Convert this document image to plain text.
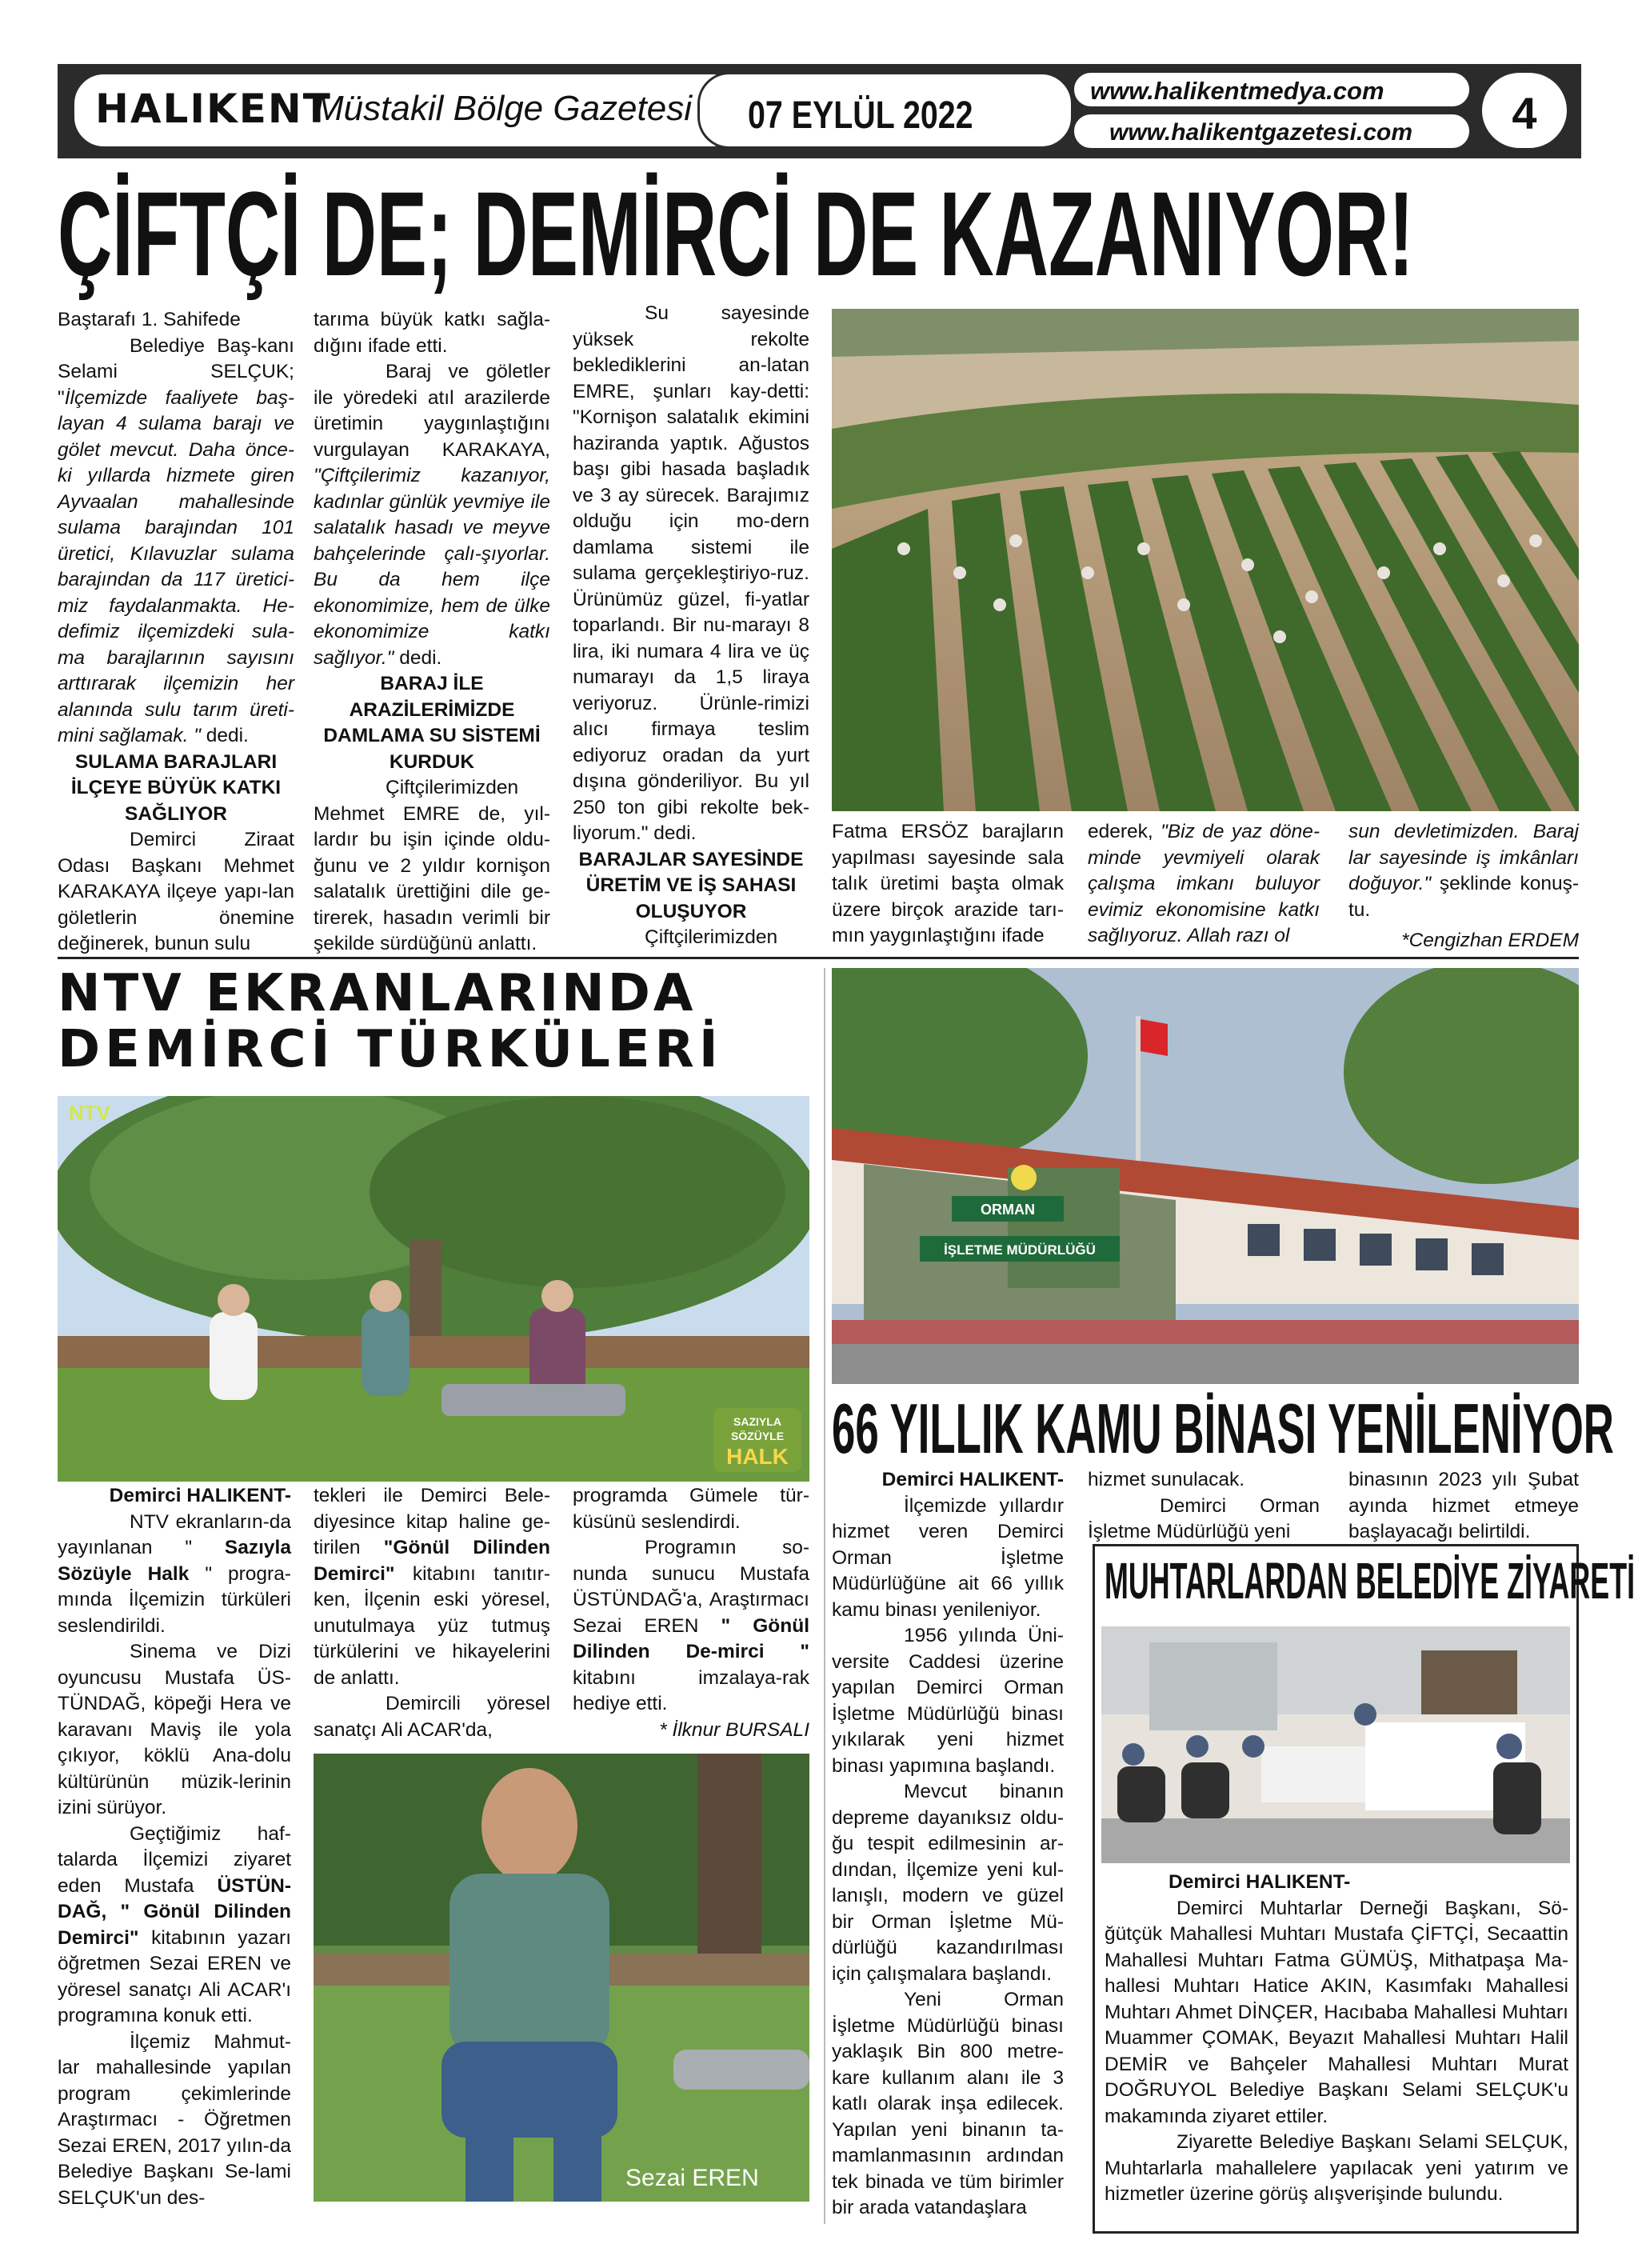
HALIKENT
Müstakil Bölge Gazetesi 07 EYLÜL 2022
www.halikentmedya.com
www.halikentgazetesi.com	4
ÇİFTÇİ DE; DEMİRCİ DE KAZANIYOR!

Baştarafı 1. Sahifede

Belediye Baş-kanı Selami SELÇUK; "İlçemizde faaliyete baş-layan 4 sulama barajı ve gölet mevcut. Daha önce-ki yıllarda hizmete giren Ayvaalan mahallesinde sulama barajından 101 üretici, Kılavuzlar sulama barajından da 117 üretici-miz faydalanmakta. He-defimiz ilçemizdeki sula-ma barajlarının sayısını arttırarak ilçemizin her alanında sulu tarım üreti-mini sağlamak. " dedi.

SULAMA BARAJLARI İLÇEYE BÜYÜK KATKI SAĞLIYOR

Demirci Ziraat Odası Başkanı Mehmet KARAKAYA ilçeye yapı-lan göletlerin önemine değinerek, bunun sulu

tarıma büyük katkı sağla-dığını ifade etti.

Baraj ve göletler ile yöredeki atıl arazilerde üretimin yaygınlaştığını vurgulayan KARAKAYA, "Çiftçilerimiz kazanıyor, kadınlar günlük yevmiye ile salatalık hasadı ve meyve bahçelerinde çalı-şıyorlar. Bu da hem ilçe ekonomimize, hem de ülke ekonomimize katkı sağlıyor." dedi.

BARAJ İLE ARAZİLERİMİZDE DAMLAMA SU SİSTEMİ KURDUK

Çiftçilerimizden Mehmet EMRE de, yıl-lardır bu işin içinde oldu-ğunu ve 2 yıldır kornişon salatalık ürettiğini dile ge-tirerek, hasadın verimli bir şekilde sürdüğünü anlattı.

Su sayesinde yüksek rekolte beklediklerini an-latan EMRE, şunları kay-detti: "Kornişon salatalık ekimini haziranda yaptık. Ağustos başı gibi hasada başladık ve 3 ay sürecek. Barajımız olduğu için mo-dern damlama sistemi ile sulama gerçekleştiriyo-ruz. Ürünümüz güzel, fi-yatlar toparlandı. Bir nu-marayı 8 lira, iki numara 4 lira ve üç numarayı da 1,5 liraya veriyoruz. Ürünle-rimizi alıcı firmaya teslim ediyoruz oradan da yurt dışına gönderiliyor. Bu yıl 250 ton gibi rekolte bek-liyorum." dedi.

BARAJLAR SAYESİNDE ÜRETİM VE İŞ SAHASI OLUŞUYOR

Çiftçilerimizden

Fatma ERSÖZ barajların yapılması sayesinde sala talık üretimi başta olmak üzere birçok arazide tarı-mın yaygınlaştığını ifade
ederek, "Biz de yaz döne-minde yevmiyeli olarak çalışma imkanı buluyor evimiz ekonomisine katkı sağlıyoruz. Allah razı ol
sun devletimizden. Baraj lar sayesinde iş imkânları doğuyor." şeklinde konuş-tu.
*Cengizhan ERDEM
NTV EKRANLARINDA
DEMİRCİ TÜRKÜLERİ
NTV
SAZIYLA
SÖZÜYLE
HALK

Demirci HALIKENT-

NTV ekranların-da yayınlanan " Sazıyla Sözüyle Halk " progra-mında İlçemizin türküleri seslendirildi.

Sinema ve Dizi oyuncusu Mustafa ÜS-TÜNDAĞ, köpeği Hera ve karavanı Maviş ile yola çıkıyor, köklü Ana-dolu kültürünün müzik-lerinin izini sürüyor.

Geçtiğimiz haf-talarda İlçemizi ziyaret eden Mustafa ÜSTÜN-DAĞ, " Gönül Dilinden Demirci" kitabının yazarı öğretmen Sezai EREN ve yöresel sanatçı Ali ACAR'ı programına konuk etti.

İlçemiz Mahmut-lar mahallesinde yapılan program çekimlerinde Araştırmacı - Öğretmen Sezai EREN, 2017 yılın-da Belediye Başkanı Se-lami SELÇUK'un des-

tekleri ile Demirci Bele-diyesince kitap haline ge-tirilen "Gönül Dilinden Demirci" kitabını tanıtır-ken, İlçenin eski yöresel, unutulmaya yüz tutmuş türkülerini ve hikayelerini de anlattı.

Demircili yöresel sanatçı Ali ACAR'da,

programda Gümele tür-küsünü seslendirdi.

Programın so-nunda sunucu Mustafa ÜSTÜNDAĞ'a, Araştırmacı Sezai EREN " Gönül Dilinden De-mirci " kitabını imzalaya-rak hediye etti.

* İlknur BURSALI

Sezai EREN
ORMAN
İŞLETME MÜDÜRLÜĞÜ
66 YILLIK KAMU BİNASI YENİLENİYOR

Demirci HALIKENT-

İlçemizde yıllardır hizmet veren Demirci Orman İşletme Müdürlüğüne ait 66 yıllık kamu binası yenileniyor.

1956 yılında Üni-versite Caddesi üzerine yapılan Demirci Orman İşletme Müdürlüğü binası yıkılarak yeni hizmet binası yapımına başlandı.

Mevcut binanın depreme dayanıksız oldu-ğu tespit edilmesinin ar-dından, İlçemize yeni kul-lanışlı, modern ve güzel bir Orman İşletme Mü-dürlüğü kazandırılması için çalışmalara başlandı.

Yeni Orman İşletme Müdürlüğü binası yaklaşık Bin 800 metre-kare kullanım alanı ile 3 katlı olarak inşa edilecek. Yapılan yeni binanın ta-mamlanmasının ardından tek binada ve tüm birimler bir arada vatandaşlara

hizmet sunulacak.

Demirci Orman İşletme Müdürlüğü yeni

binasının 2023 yılı Şubat ayında hizmet etmeye başlayacağı belirtildi.
MUHTARLARDAN BELEDİYE ZİYARETİ

Demirci HALIKENT-

Demirci Muhtarlar Derneği Başkanı, Sö-ğütçük Mahallesi Muhtarı Mustafa ÇİFTÇİ, Secaattin Mahallesi Muhtarı Fatma GÜMÜŞ, Mithatpaşa Ma-hallesi Muhtarı Hatice AKIN, Kasımfakı Mahallesi Muhtarı Ahmet DİNÇER, Hacıbaba Mahallesi Muhtarı Muammer ÇOMAK, Beyazıt Mahallesi Muhtarı Halil DEMİR ve Bahçeler Mahallesi Muhtarı Murat DOĞRUYOL Belediye Başkanı Selami SELÇUK'u makamında ziyaret ettiler.

Ziyarette Belediye Başkanı Selami SELÇUK, Muhtarlarla mahallelere yapılacak yeni yatırım ve hizmetler üzerine görüş alışverişinde bulundu.
